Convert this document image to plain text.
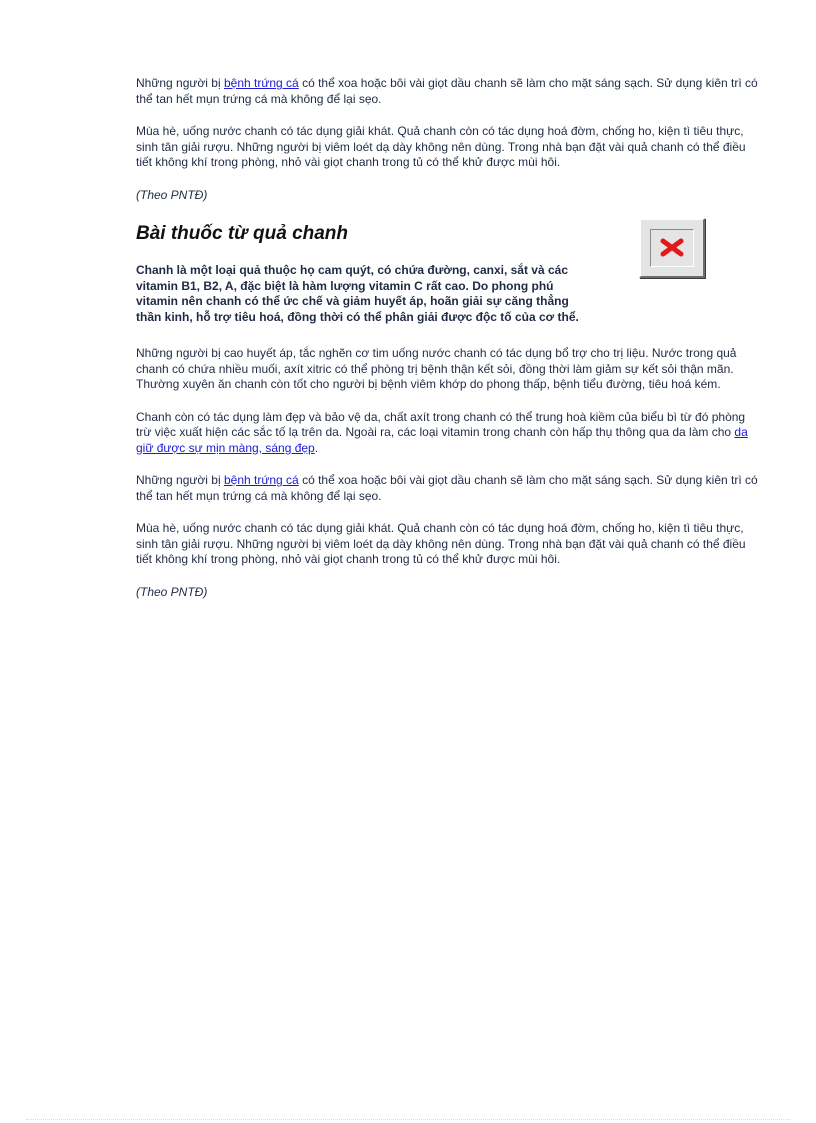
Những người bị bệnh trứng cá có thể xoa hoặc bôi vài giọt dầu chanh sẽ làm cho mặt sáng sạch. Sử dụng kiên trì có thể tan hết mụn trứng cá mà không để lại sẹo.

Mùa hè, uống nước chanh có tác dụng giải khát. Quả chanh còn có tác dụng hoá đờm, chống ho, kiện tì tiêu thực, sinh tân giải rượu. Những người bị viêm loét dạ dày không nên dùng. Trong nhà bạn đặt vài quả chanh có thể điều tiết không khí trong phòng, nhỏ vài giọt chanh trong tủ có thể khử được mùi hôi.

(Theo PNTĐ)

Bài thuốc từ quả chanh

Chanh là một loại quả thuộc họ cam quýt, có chứa đường, canxi, sắt và các vitamin B1, B2, A, đặc biệt là hàm lượng vitamin C rất cao. Do phong phú vitamin nên chanh có thể ức chế và giảm huyết áp, hoãn giải sự căng thẳng thần kinh, hỗ trợ tiêu hoá, đồng thời có thể phân giải được độc tố của cơ thể.

Những người bị cao huyết áp, tắc nghẽn cơ tim uống nước chanh có tác dụng bổ trợ cho trị liệu. Nước trong quả chanh có chứa nhiều muối, axít xitric có thể phòng trị bệnh thận kết sỏi, đồng thời làm giảm sự kết sỏi thận mãn. Thường xuyên ăn chanh còn tốt cho người bị bệnh viêm khớp do phong thấp, bệnh tiểu đường, tiêu hoá kém.

Chanh còn có tác dụng làm đẹp và bảo vệ da, chất axít trong chanh có thể trung hoà kiềm của biểu bì từ đó phòng trừ việc xuất hiện các sắc tố lạ trên da. Ngoài ra, các loại vitamin trong chanh còn hấp thụ thông qua da làm cho da giữ được sự mịn màng, sáng đẹp.

Những người bị bệnh trứng cá có thể xoa hoặc bôi vài giọt dầu chanh sẽ làm cho mặt sáng sạch. Sử dụng kiên trì có thể tan hết mụn trứng cá mà không để lại sẹo.

Mùa hè, uống nước chanh có tác dụng giải khát. Quả chanh còn có tác dụng hoá đờm, chống ho, kiện tì tiêu thực, sinh tân giải rượu. Những người bị viêm loét dạ dày không nên dùng. Trong nhà bạn đặt vài quả chanh có thể điều tiết không khí trong phòng, nhỏ vài giọt chanh trong tủ có thể khử được mùi hôi.

(Theo PNTĐ)
